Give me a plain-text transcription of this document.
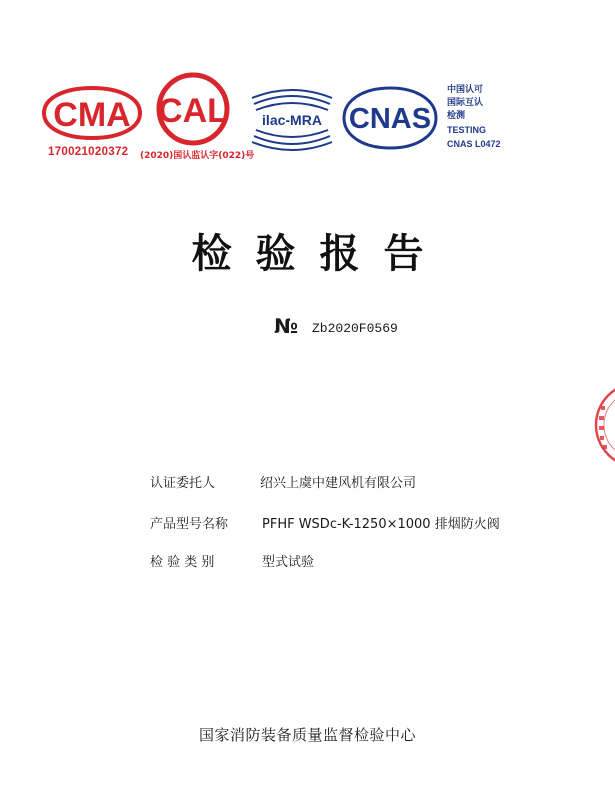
CMA
170021020372 (2020)国认监认字(022)号
CAL ilac-MRA CNAS
中国认可
国际互认
检测
TESTING
CNAS L0472
检验报告
№ Zb2020F0569
认证委托人	绍兴上虞中建风机有限公司
产品型号名称	PFHF WSDc-K-1250×1000 排烟防火阀
检 验 类 别	型式试验
国家消防装备质量监督检验中心
